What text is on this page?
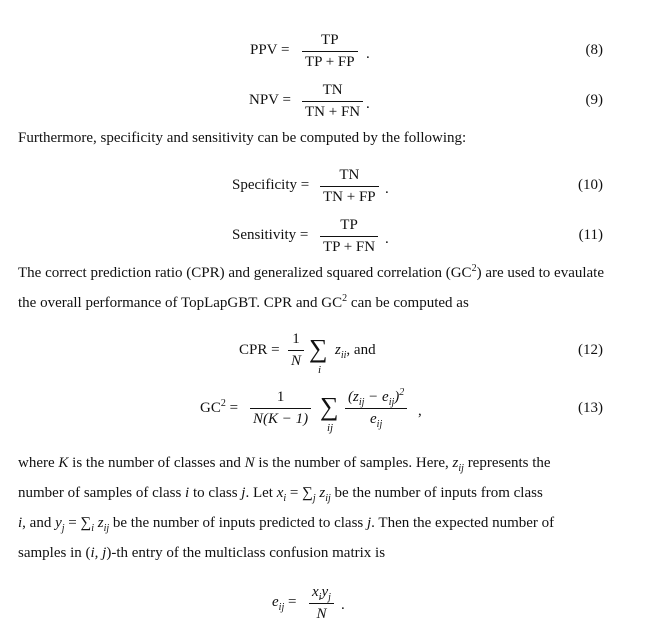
PPV = $\frac{TP}{TP + FP}$ .	(8)
NPV = $\frac{TN}{TN + FN}$ .	(9)
Furthermore, specificity and sensitivity can be computed by the following:
Specificity = $\frac{TN}{TN + FP}$ .	(10)
Sensitivity = $\frac{TP}{TP + FN}$ .	(11)
The correct prediction ratio (CPR) and generalized squared correlation $(GC^2)$ are used to evaulate
the overall performance of TopLapGBT. CPR and $GC^2$ can be computed as
CPR = $\frac{1}{N}$ ∑
i
$z_{ii}$, and	(12)
$GC^2 = \frac{1}{N(K - 1)}$ ∑
ij
$(z_{ij} - e_{ij})^2$
$e_{ij}$
,	(13)
where K is the number of classes and N is the number of samples. Here, $z_{ij}$ represents the
number of samples of class i to class j. Let $x_i = \sum_j$ $z_{ij}$ be the number of inputs from class
i, and $y_j = \sum_i$ $z_{ij}$ be the number of inputs predicted to class j. Then the expected number of
samples in (i, j)-th entry of the multiclass confusion matrix is
$e_{ij}$ =
$x_iy_j$
N
.
